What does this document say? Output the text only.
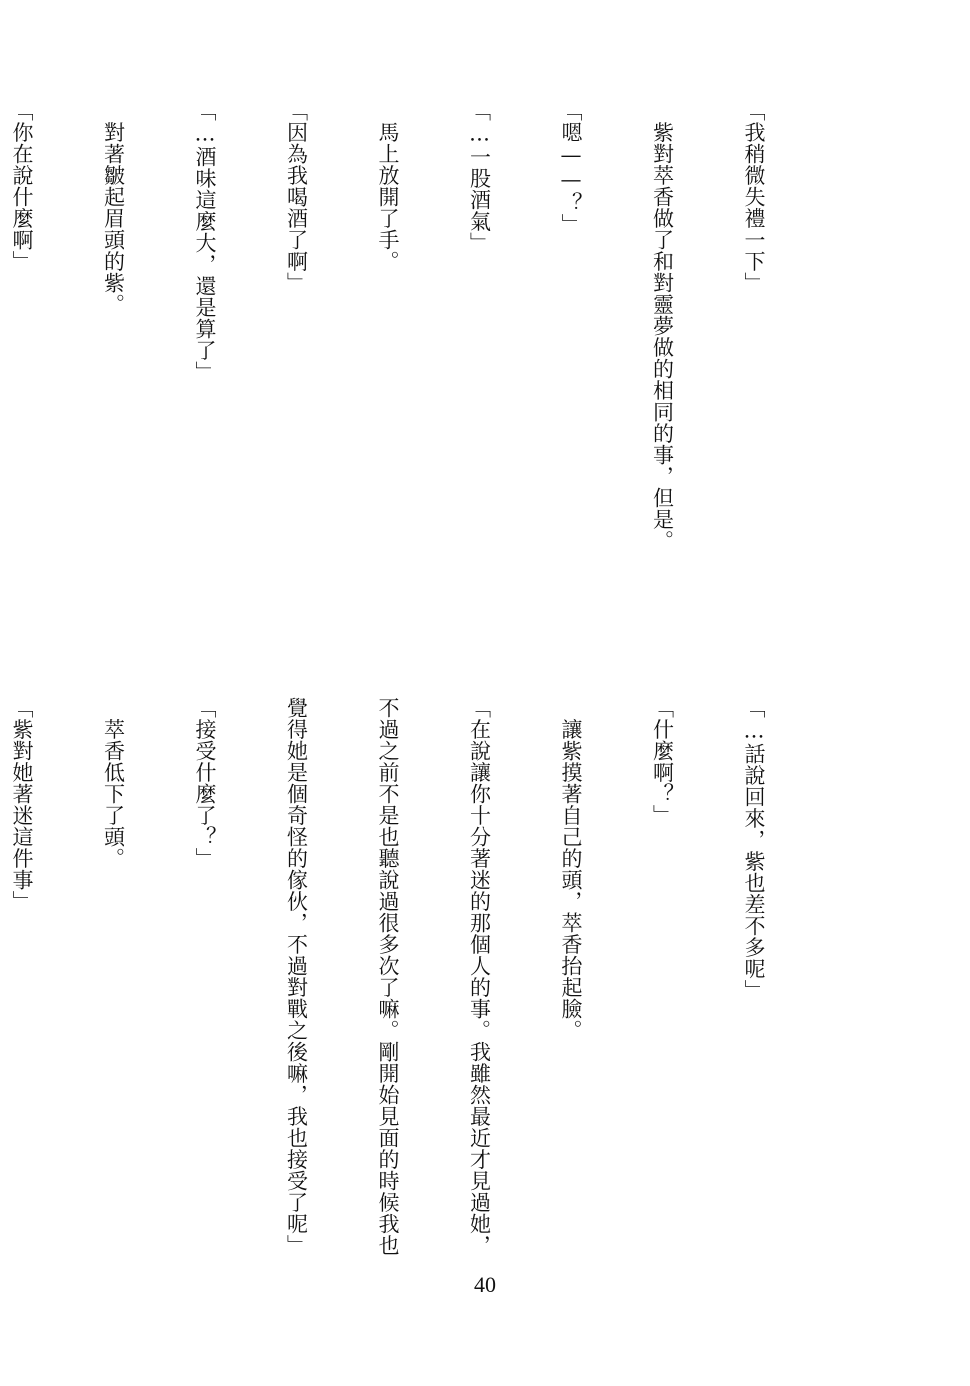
「我稍微失禮一下」

　紫對萃香做了和對靈夢做的相同的事，但是。

「嗯——？」

「…一股酒氣」

　馬上放開了手。

「因為我喝酒了啊」

「…酒味這麼大，還是算了」

　對著皺起眉頭的紫。

「你在說什麼啊」

「…話說回來，紫也差不多呢」

「什麼啊？」

　讓紫摸著自己的頭，萃香抬起臉。

「在說讓你十分著迷的那個人的事。我雖然最近才見過她，

不過之前不是也聽說過很多次了嘛。剛開始見面的時候我也

覺得她是個奇怪的傢伙，不過對戰之後嘛，我也接受了呢」

「接受什麼了？」

　萃香低下了頭。

「紫對她著迷這件事」

40
